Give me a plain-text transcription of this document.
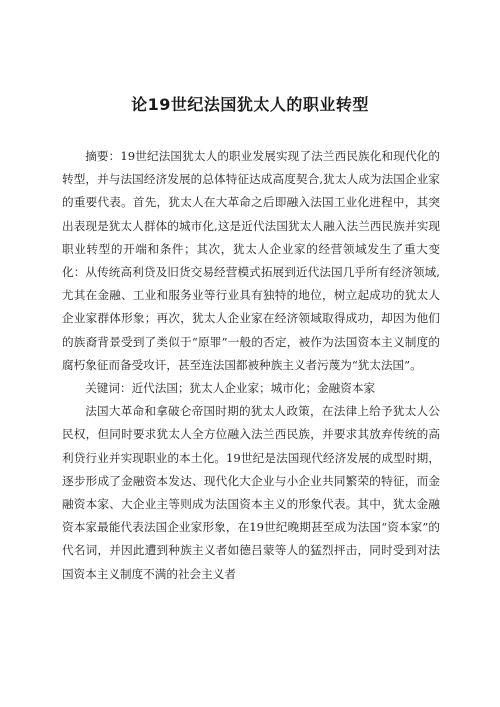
论19世纪法国犹太人的职业转型

摘要：19世纪法国犹太人的职业发展实现了法兰西民族化和现代化的转型，并与法国经济发展的总体特征达成高度契合,犹太人成为法国企业家的重要代表。首先，犹太人在大革命之后即融入法国工业化进程中，其突出表现是犹太人群体的城市化,这是近代法国犹太人融入法兰西民族并实现职业转型的开端和条件；其次，犹太人企业家的经营领域发生了重大变化：从传统高利贷及旧货交易经营模式拓展到近代法国几乎所有经济领域,尤其在金融、工业和服务业等行业具有独特的地位，树立起成功的犹太人企业家群体形象；再次，犹太人企业家在经济领域取得成功，却因为他们的族裔背景受到了类似于“原罪”一般的否定，被作为法国资本主义制度的腐朽象征而备受攻讦，甚至连法国都被种族主义者污蔑为“犹太法国”。

关键词：近代法国；犹太人企业家；城市化；金融资本家

法国大革命和拿破仑帝国时期的犹太人政策，在法律上给予犹太人公民权，但同时要求犹太人全方位融入法兰西民族，并要求其放弃传统的高利贷行业并实现职业的本土化。19世纪是法国现代经济发展的成型时期，逐步形成了金融资本发达、现代化大企业与小企业共同繁荣的特征，而金融资本家、大企业主等则成为法国资本主义的形象代表。其中，犹太金融资本家最能代表法国企业家形象，在19世纪晚期甚至成为法国“资本家”的代名词，并因此遭到种族主义者如德吕蒙等人的猛烈抨击，同时受到对法国资本主义制度不满的社会主义者
